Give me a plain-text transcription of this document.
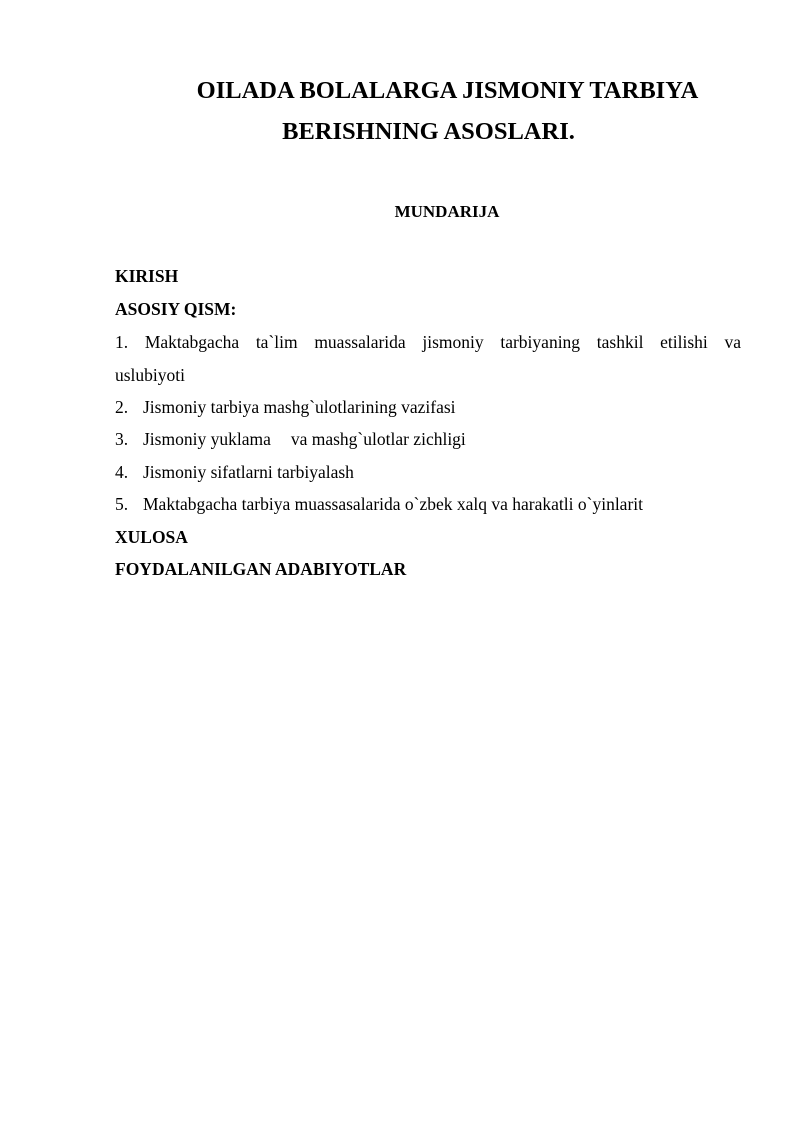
OILADA BOLALARGA JISMONIY TARBIYA
BERISHNING ASOSLARI.
MUNDARIJA
KIRISH
ASOSIY QISM:
1. Maktabgacha ta`lim muassalarida jismoniy tarbiyaning tashkil etilishi va
uslubiyoti
2. Jismoniy tarbiya mashg`ulotlarining vazifasi
3. Jismoniy yuklama va mashg`ulotlar zichligi
4. Jismoniy sifatlarni tarbiyalash
5. Maktabgacha tarbiya muassasalarida o`zbek xalq va harakatli o`yinlarit
XULOSA
FOYDALANILGAN ADABIYOTLAR
